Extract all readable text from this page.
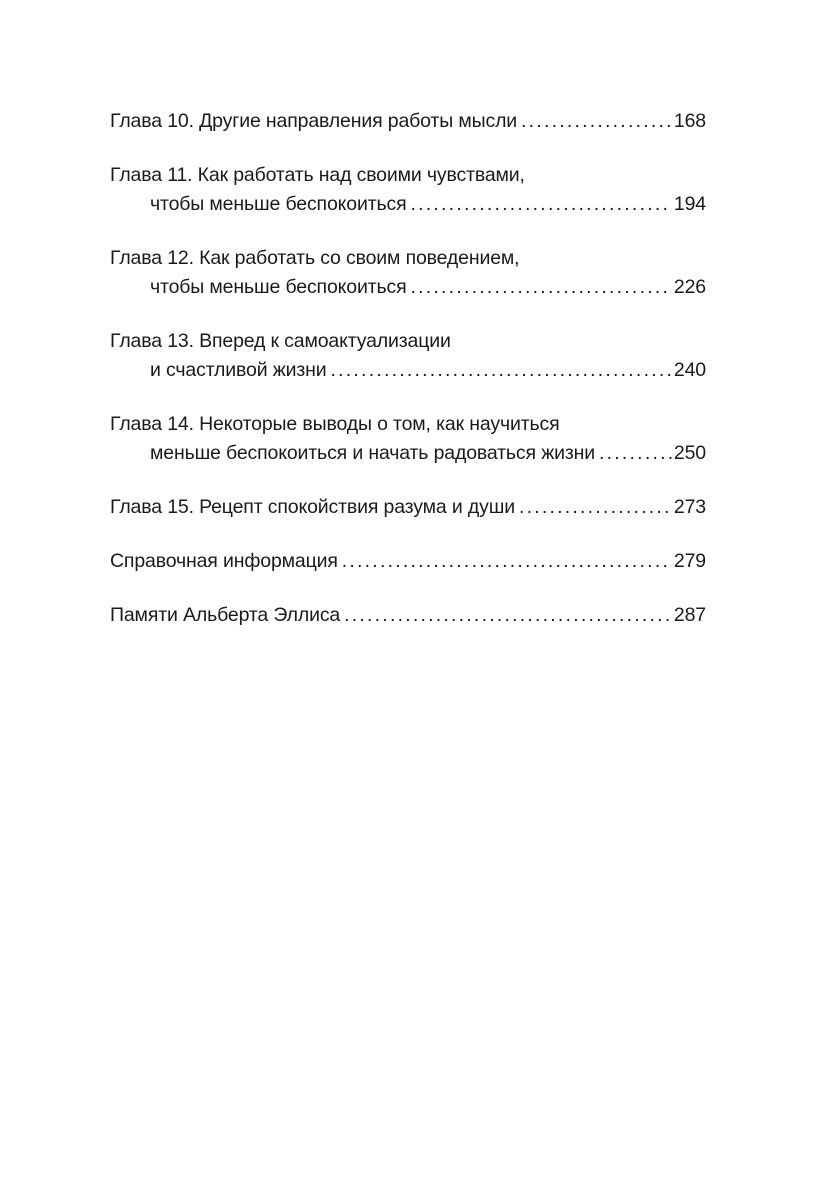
Глава 10. Другие направления работы мысли . . .	168
Глава 11. Как работать над своими чувствами,
чтобы меньше беспокоиться . . .	194
Глава 12. Как работать со своим поведением,
чтобы меньше беспокоиться . . .	226
Глава 13. Вперед к самоактуализации
и счастливой жизни . . .	240
Глава 14. Некоторые выводы о том, как научиться
меньше беспокоиться и начать радоваться жизни . . .	250
Глава 15. Рецепт спокойствия разума и души . . .	273
Справочная информация . . .	279
Памяти Альберта Эллиса . . .	287
